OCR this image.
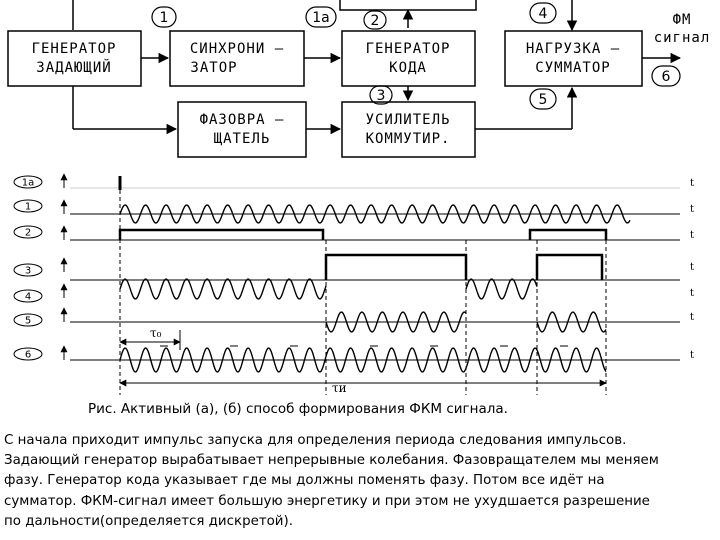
ГЕНЕРАТОР
ЗАДАЮЩИЙ
СИНХРОНИ –
ЗАТОР
ГЕНЕРАТОР
КОДА
НАГРУЗКА –
СУММАТОР
ФАЗОВРА –
ЩАТЕЛЬ
УСИЛИТЕЛЬ
КОММУТИР.
1	1а	2	4
3	5
6
ФМ
сигнал
t
t
t
t
t
t
t
1а
1
2
3
4
5
6
τ₀
τи
Рис. Активный (а), (б) способ формирования ФКМ сигнала.
С начала приходит импульс запуска для определения периода следования импульсов.
Задающий генератор вырабатывает непрерывные колебания. Фазовращателем мы меняем
фазу. Генератор кода указывает где мы должны поменять фазу. Потом все идёт на
сумматор. ФКМ-сигнал имеет большую энергетику и при этом не ухудшается разрешение
по дальности(определяется дискретой).
